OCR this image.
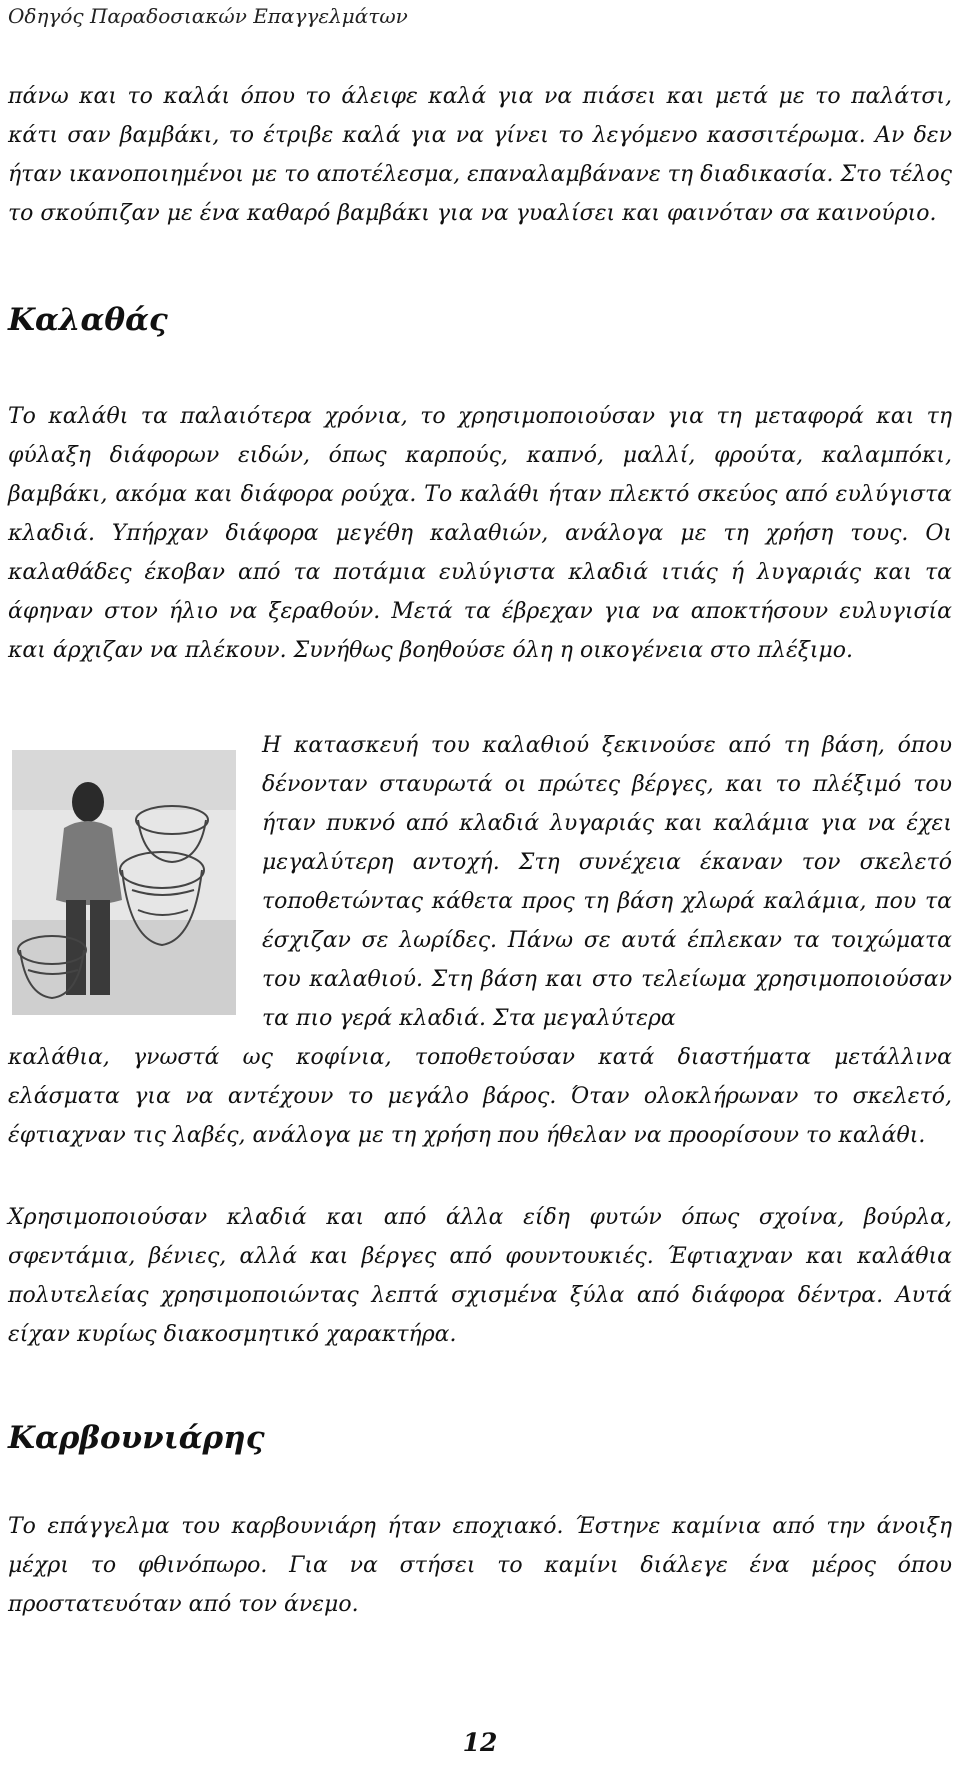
Οδηγός Παραδοσιακών Επαγγελμάτων

πάνω και το καλάι όπου το άλειφε καλά για να πιάσει και μετά με το παλάτσι, κάτι σαν βαμβάκι, το έτριβε καλά για να γίνει το λεγόμενο κασσιτέρωμα. Αν δεν ήταν ικανοποιημένοι με το αποτέλεσμα, επαναλαμβάνανε τη διαδικασία. Στο τέλος το σκούπιζαν με ένα καθαρό βαμβάκι για να γυαλίσει και φαινόταν σα καινούριο.

Καλαθάς

Το καλάθι τα παλαιότερα χρόνια, το χρησιμοποιούσαν για τη μεταφορά και τη φύλαξη διάφορων ειδών, όπως καρπούς, καπνό, μαλλί, φρούτα, καλαμπόκι, βαμβάκι, ακόμα και διάφορα ρούχα. Το καλάθι ήταν πλεκτό σκεύος από ευλύγιστα κλαδιά. Υπήρχαν διάφορα μεγέθη καλαθιών, ανάλογα με τη χρήση τους. Οι καλαθάδες έκοβαν από τα ποτάμια ευλύγιστα κλαδιά ιτιάς ή λυγαριάς και τα άφηναν στον ήλιο να ξεραθούν. Μετά τα έβρεχαν για να αποκτήσουν ευλυγισία και άρχιζαν να πλέκουν. Συνήθως βοηθούσε όλη η οικογένεια στο πλέξιμο.

Η κατασκευή του καλαθιού ξεκινούσε από τη βάση, όπου δένονταν σταυρωτά οι πρώτες βέργες, και το πλέξιμό του ήταν πυκνό από κλαδιά λυγαριάς και καλάμια για να έχει μεγαλύτερη αντοχή. Στη συνέχεια έκαναν τον σκελετό τοποθετώντας κάθετα προς τη βάση χλωρά καλάμια, που τα έσχιζαν σε λωρίδες. Πάνω σε αυτά έπλεκαν τα τοιχώματα του καλαθιού. Στη βάση και στο τελείωμα χρησιμοποιούσαν τα πιο γερά κλαδιά. Στα μεγαλύτερα

καλάθια, γνωστά ως κοφίνια, τοποθετούσαν κατά διαστήματα μετάλλινα ελάσματα για να αντέχουν το μεγάλο βάρος. Όταν ολοκλήρωναν το σκελετό, έφτιαχναν τις λαβές, ανάλογα με τη χρήση που ήθελαν να προορίσουν το καλάθι.

Χρησιμοποιούσαν κλαδιά και από άλλα είδη φυτών όπως σχοίνα, βούρλα, σφεντάμια, βένιες, αλλά και βέργες από φουντουκιές. Έφτιαχναν και καλάθια πολυτελείας χρησιμοποιώντας λεπτά σχισμένα ξύλα από διάφορα δέντρα. Αυτά είχαν κυρίως διακοσμητικό χαρακτήρα.

Καρβουνιάρης

Το επάγγελμα του καρβουνιάρη ήταν εποχιακό. Έστηνε καμίνια από την άνοιξη μέχρι το φθινόπωρο. Για να στήσει το καμίνι διάλεγε ένα μέρος όπου προστατευόταν από τον άνεμο.

12
